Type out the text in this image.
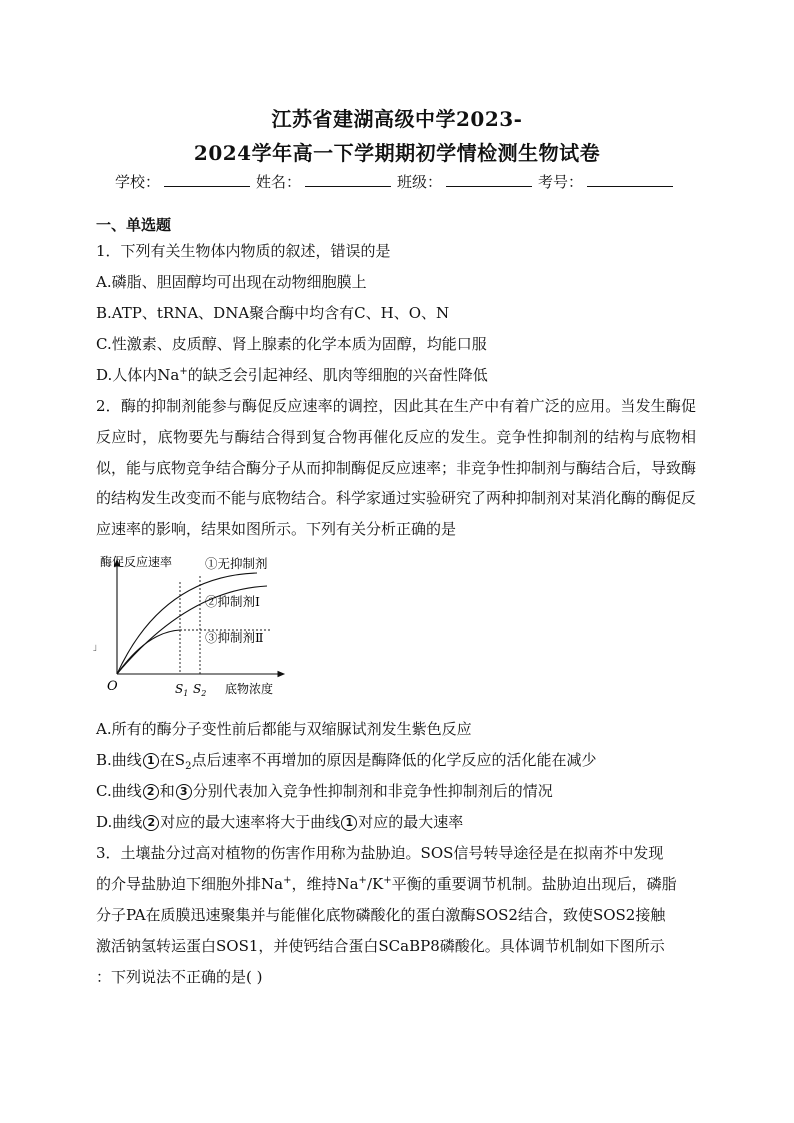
江苏省建湖高级中学2023-
2024学年高一下学期期初学情检测生物试卷
学校：	姓名：	班级：	考号：
一、单选题
1．下列有关生物体内物质的叙述，错误的是
A.磷脂、胆固醇均可出现在动物细胞膜上
B.ATP、tRNA、DNA聚合酶中均含有C、H、O、N
C.性激素、皮质醇、肾上腺素的化学本质为固醇，均能口服
D.人体内Na+的缺乏会引起神经、肌肉等细胞的兴奋性降低
2．酶的抑制剂能参与酶促反应速率的调控，因此其在生产中有着广泛的应用。当发生酶促反应时，底物要先与酶结合得到复合物再催化反应的发生。竞争性抑制剂的结构与底物相似，能与底物竞争结合酶分子从而抑制酶促反应速率；非竞争性抑制剂与酶结合后，导致酶的结构发生改变而不能与底物结合。科学家通过实验研究了两种抑制剂对某消化酶的酶促反应速率的影响，结果如图所示。下列有关分析正确的是
酶促反应速率
底物浓度
O	$S_1$ $S_2$
①无抑制剂
②抑制剂Ⅰ
③抑制剂Ⅱ
」
A.所有的酶分子变性前后都能与双缩脲试剂发生紫色反应
B.曲线 1 在$S_2$点后速率不再增加的原因是酶降低的化学反应的活化能在减少
C.曲线 2 和 3 分别代表加入竞争性抑制剂和非竞争性抑制剂后的情况
D.曲线 2 对应的最大速率将大于曲线 1 对应的最大速率
3．土壤盐分过高对植物的伤害作用称为盐胁迫。SOS信号转导途径是在拟南芥中发现
的介导盐胁迫下细胞外排Na+，维持Na+/K+平衡的重要调节机制。盐胁迫出现后，磷脂
分子PA在质膜迅速聚集并与能催化底物磷酸化的蛋白激酶SOS2结合，致使SOS2接触
激活钠氢转运蛋白SOS1，并使钙结合蛋白SCaBP8磷酸化。具体调节机制如下图所示
：下列说法不正确的是( )
